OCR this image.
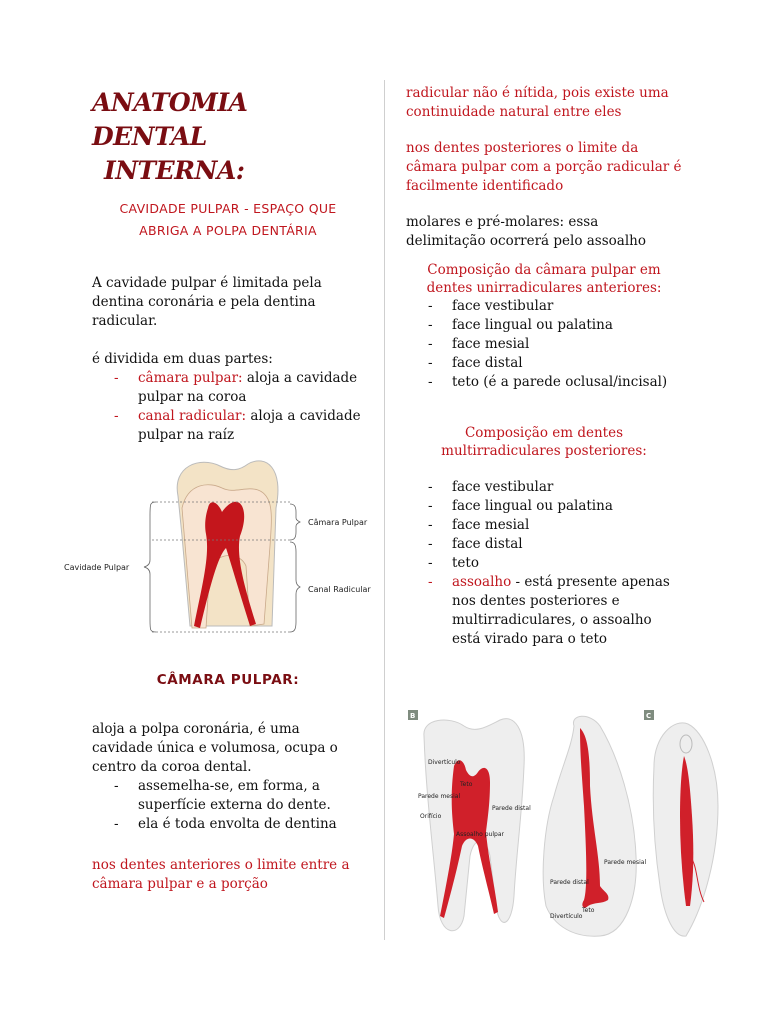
ANATOMIA DENTAL
INTERNA:

CAVIDADE PULPAR - ESPAÇO QUE
ABRIGA A POLPA DENTÁRIA

A cavidade pulpar é limitada pela dentina coronária e pela dentina radicular.

é dividida em duas partes:

- câmara pulpar: aloja a cavidade pulpar na coroa
- canal radicular: aloja a cavidade pulpar na raíz
Cavidade Pulpar
Câmara Pulpar
Canal Radicular
CÂMARA PULPAR:

aloja a polpa coronária, é uma cavidade única e volumosa, ocupa o centro da coroa dental.

- assemelha-se, em forma, a superfície externa do dente.
- ela é toda envolta de dentina

nos dentes anteriores o limite entre a câmara pulpar e a porção

radicular não é nítida, pois existe uma continuidade natural entre eles

nos dentes posteriores o limite da câmara pulpar com a porção radicular é facilmente identificado

molares e pré-molares: essa delimitação ocorrerá pelo assoalho

Composição da câmara pulpar em dentes unirradiculares anteriores:

- face vestibular
- face lingual ou palatina
- face mesial
- face distal
- teto (é a parede oclusal/incisal)

Composição em dentes multirradiculares posteriores:

- face vestibular
- face lingual ou palatina
- face mesial
- face distal
- teto
- assoalho - está presente apenas nos dentes posteriores e multirradiculares, o assoalho está virado para o teto
B
Divertículo
Teto
Parede mesial
Orifício
Parede distal
Assoalho pulpar
Parede distal
Parede mesial
Teto
Divertículo
C
